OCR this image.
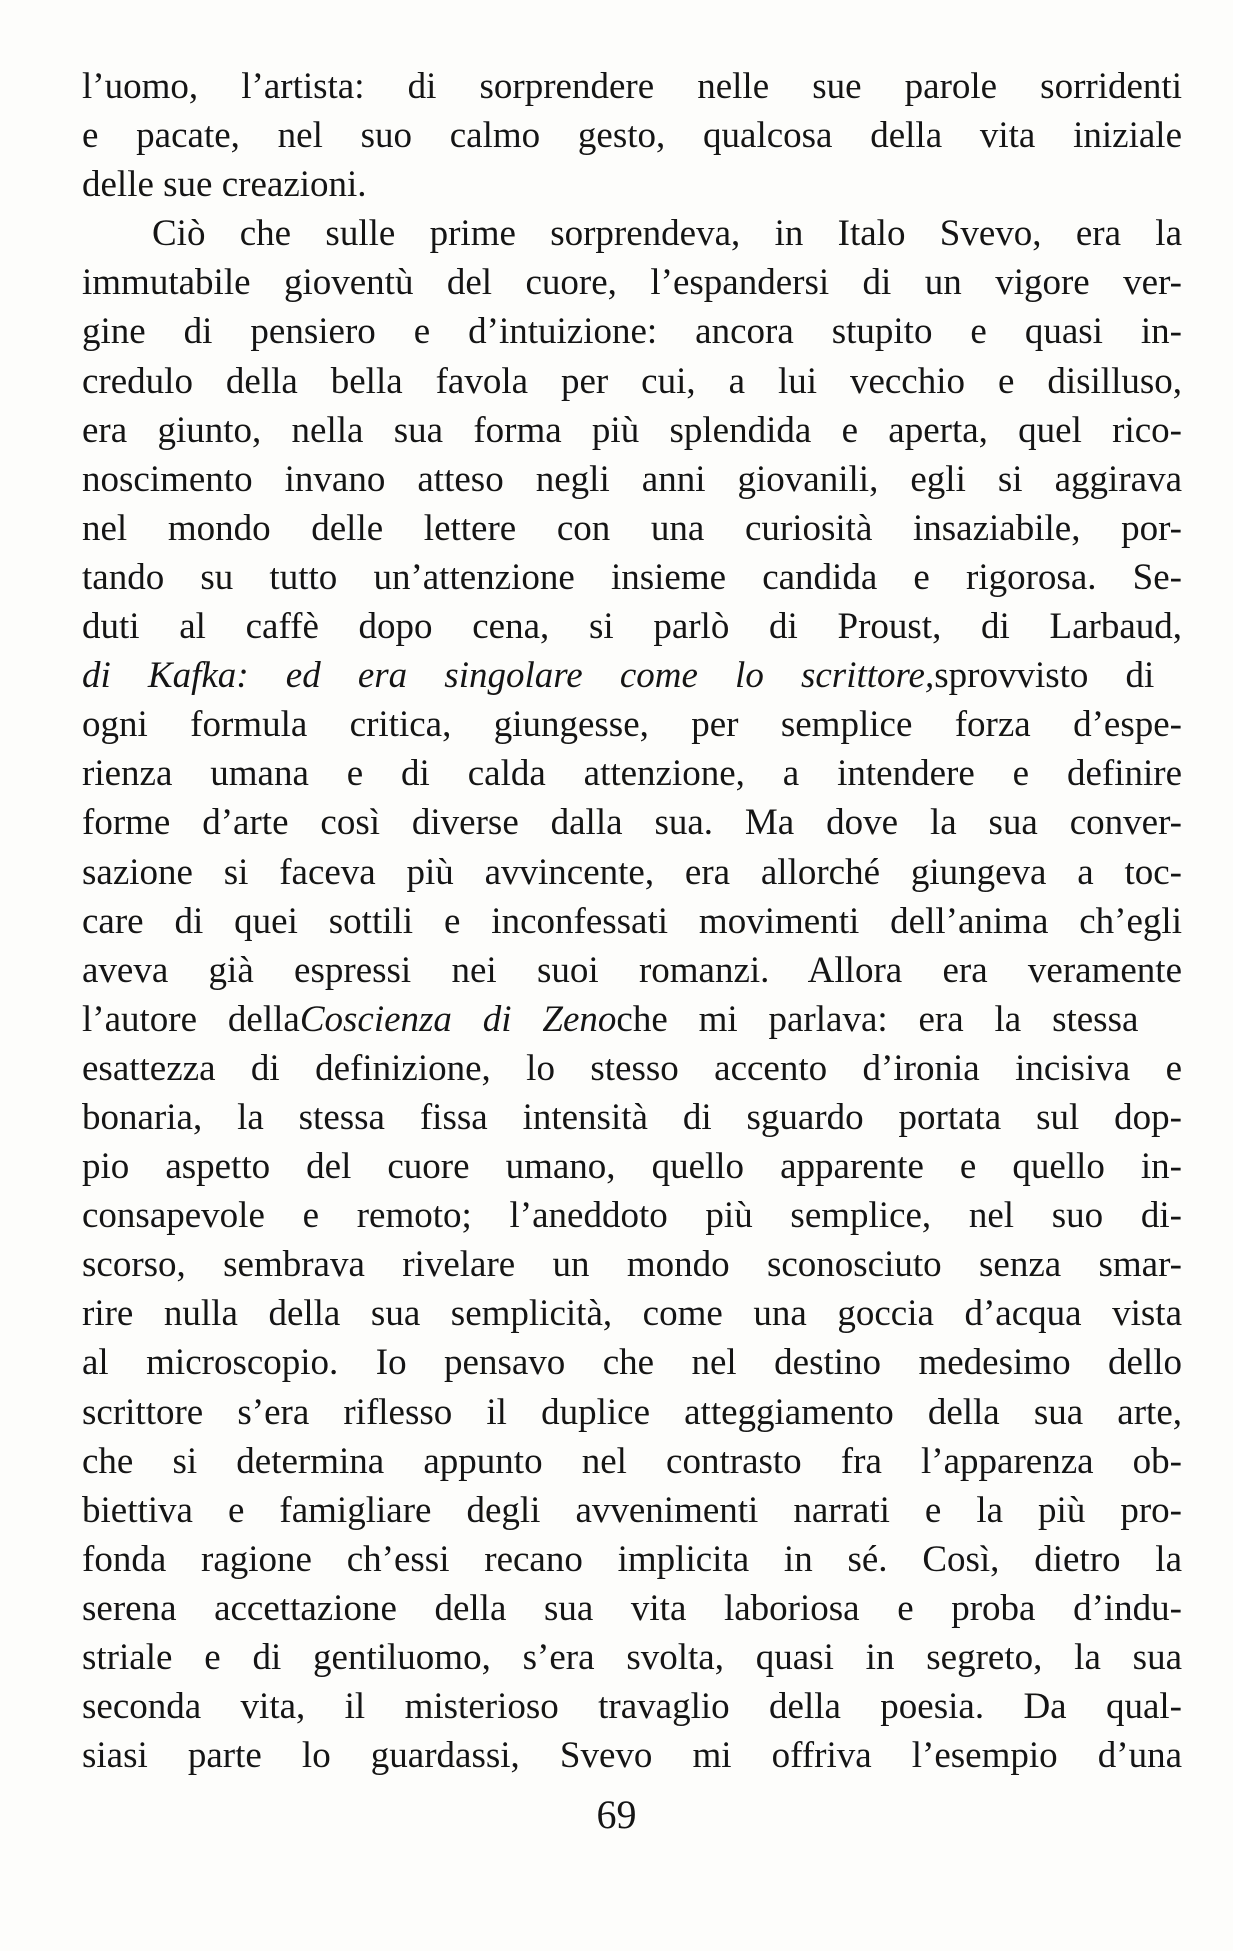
l’uomo, l’artista: di sorprendere nelle sue parole sorridenti
e pacate, nel suo calmo gesto, qualcosa della vita iniziale
delle sue creazioni.
Ciò che sulle prime sorprendeva, in Italo Svevo, era la
immutabile gioventù del cuore, l’espandersi di un vigore ver-
gine di pensiero e d’intuizione: ancora stupito e quasi in-
credulo della bella favola per cui, a lui vecchio e disilluso,
era giunto, nella sua forma più splendida e aperta, quel rico-
noscimento invano atteso negli anni giovanili, egli si aggirava
nel mondo delle lettere con una curiosità insaziabile, por-
tando su tutto un’attenzione insieme candida e rigorosa. Se-
duti al caffè dopo cena, si parlò di Proust, di Larbaud,
di Kafka: ed era singolare come lo scrittore,sprovvisto di
ogni formula critica, giungesse, per semplice forza d’espe-
rienza umana e di calda attenzione, a intendere e definire
forme d’arte così diverse dalla sua. Ma dove la sua conver-
sazione si faceva più avvincente, era allorché giungeva a toc-
care di quei sottili e inconfessati movimenti dell’anima ch’egli
aveva già espressi nei suoi romanzi. Allora era veramente
l’autore dellaCoscienza di Zenoche mi parlava: era la stessa
esattezza di definizione, lo stesso accento d’ironia incisiva e
bonaria, la stessa fissa intensità di sguardo portata sul dop-
pio aspetto del cuore umano, quello apparente e quello in-
consapevole e remoto; l’aneddoto più semplice, nel suo di-
scorso, sembrava rivelare un mondo sconosciuto senza smar-
rire nulla della sua semplicità, come una goccia d’acqua vista
al microscopio. Io pensavo che nel destino medesimo dello
scrittore s’era riflesso il duplice atteggiamento della sua arte,
che si determina appunto nel contrasto fra l’apparenza ob-
biettiva e famigliare degli avvenimenti narrati e la più pro-
fonda ragione ch’essi recano implicita in sé. Così, dietro la
serena accettazione della sua vita laboriosa e proba d’indu-
striale e di gentiluomo, s’era svolta, quasi in segreto, la sua
seconda vita, il misterioso travaglio della poesia. Da qual-
siasi parte lo guardassi, Svevo mi offriva l’esempio d’una
69
